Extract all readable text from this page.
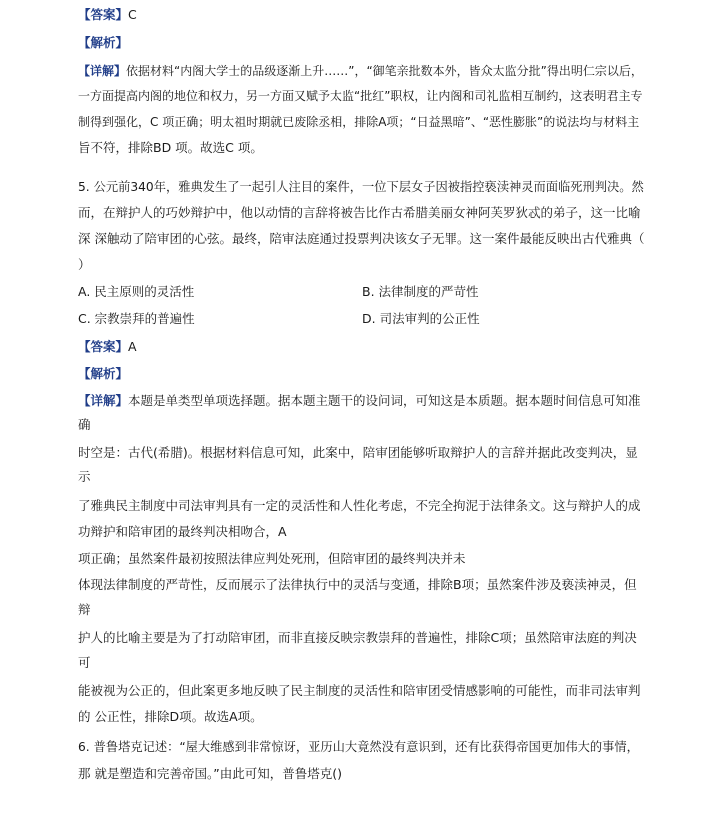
【答案】C
【解析】
【详解】依据材料“内阁大学士的品级逐渐上升……”，“御笔亲批数本外，皆众太监分批”得出明仁宗以后，
一方面提高内阁的地位和权力，另一方面又赋予太监“批红”职权，让内阁和司礼监相互制约，这表明君主专
制得到强化，C 项正确；明太祖时期就已废除丞相，排除A项；“日益黑暗”、“恶性膨胀”的说法均与材料主
旨不符，排除BD 项。故选C 项。
5. 公元前340年，雅典发生了一起引人注目的案件，一位下层女子因被指控亵渎神灵而面临死刑判决。然
而，在辩护人的巧妙辩护中，他以动情的言辞将被告比作古希腊美丽女神阿芙罗狄忒的弟子，这一比喻
深 深触动了陪审团的心弦。最终，陪审法庭通过投票判决该女子无罪。这一案件最能反映出古代雅典（
）
A. 民主原则的灵活性	B. 法律制度的严苛性
C. 宗教崇拜的普遍性	D. 司法审判的公正性
【答案】A
【解析】
【详解】本题是单类型单项选择题。据本题主题干的设问词，可知这是本质题。据本题时间信息可知准
确
时空是：古代(希腊)。根据材料信息可知，此案中，陪审团能够听取辩护人的言辞并据此改变判决，显
示
了雅典民主制度中司法审判具有一定的灵活性和人性化考虑，不完全拘泥于法律条文。这与辩护人的成
功辩护和陪审团的最终判决相吻合，A
项正确；虽然案件最初按照法律应判处死刑，但陪审团的最终判决并未
体现法律制度的严苛性，反而展示了法律执行中的灵活与变通，排除B项；虽然案件涉及亵渎神灵，但
辩
护人的比喻主要是为了打动陪审团，而非直接反映宗教崇拜的普遍性，排除C项；虽然陪审法庭的判决
可
能被视为公正的，但此案更多地反映了民主制度的灵活性和陪审团受情感影响的可能性，而非司法审判
的 公正性，排除D项。故选A项。
6. 普鲁塔克记述：“屋大维感到非常惊讶，亚历山大竟然没有意识到，还有比获得帝国更加伟大的事情，
那 就是塑造和完善帝国。”由此可知，普鲁塔克()
